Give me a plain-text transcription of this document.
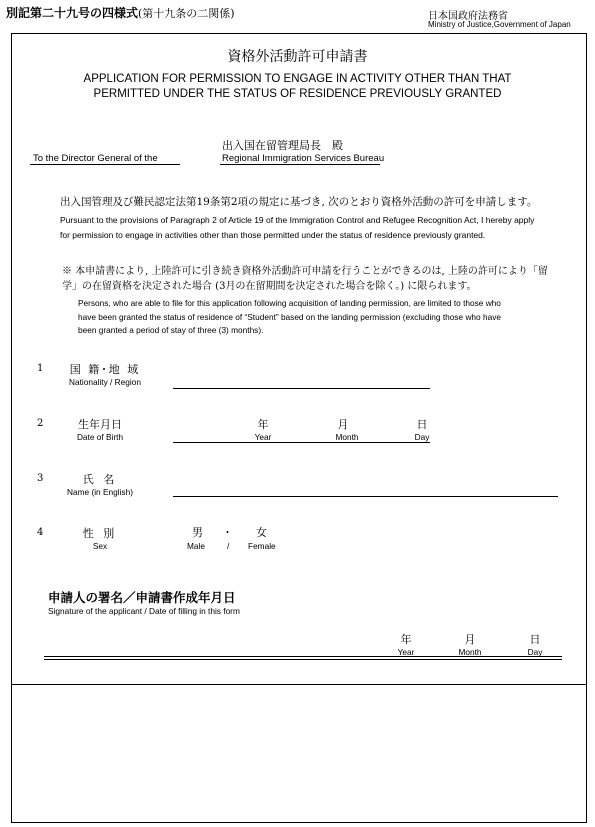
別記第二十九号の四様式(第十九条の二関係)	日本国政府法務省
Ministry of Justice,Government of Japan
資格外活動許可申請書
APPLICATION FOR PERMISSION TO ENGAGE IN ACTIVITY OTHER THAN THAT
PERMITTED UNDER THE STATUS OF RESIDENCE PREVIOUSLY GRANTED
出入国在留管理局長　殿
To the Director General of the	Regional Immigration Services Bureau
出入国管理及び難民認定法第19条第2項の規定に基づき, 次のとおり資格外活動の許可を申請します。
Pursuant to the provisions of Paragraph 2 of Article 19 of the Immigration Control and Refugee Recognition Act, I hereby apply for permission to engage in activities other than those permitted under the status of residence previously granted.
※ 本申請書により, 上陸許可に引き続き資格外活動許可申請を行うことができるのは, 上陸の許可により「留学」の在留資格を決定された場合 (3月の在留期間を決定された場合を除く。) に限られます。
Persons, who are able to file for this application following acquisition of landing permission, are limited to those who have been granted the status of residence of “Student” based on the landing permission (excluding those who have been granted a period of stay of three (3) months).
1	国 籍･地 域
Nationality / Region
2	生年月日
Date of Birth
年
Year
月
Month
日
Day
3	氏 名
Name (in English)
4	性 別
Sex
男 ・ 女
Male	/ Female
申請人の署名／申請書作成年月日
Signature of the applicant / Date of filling in this form
年
Year
月
Month
日
Day
